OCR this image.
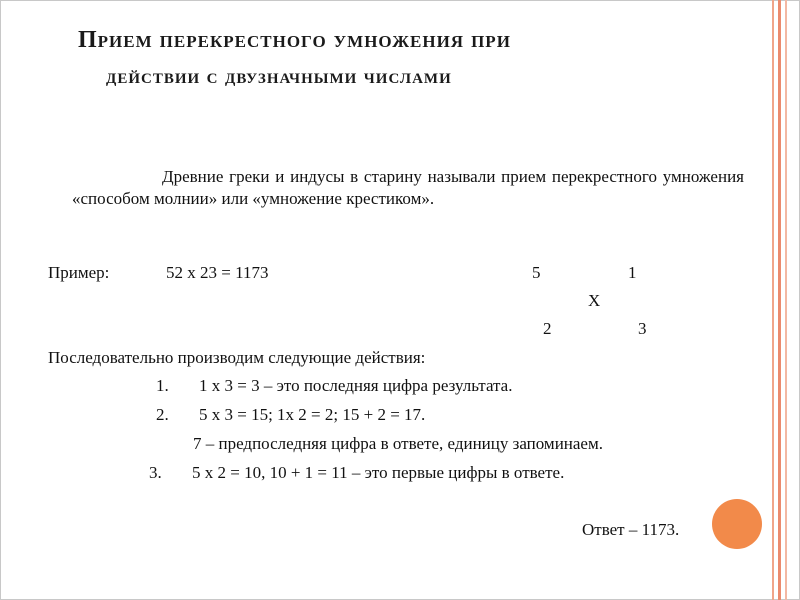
Прием перекрестного умножения при
действии с двузначными числами
Древние греки и индусы в старину называли прием перекрестного умножения «способом молнии» или «умножение крестиком».
Пример:	52 х 23 = 1173	5	1
Х
2	3
Последовательно производим следующие действия:
1. 1 х 3 = 3 – это последняя цифра результата.
2. 5 х 3 = 15; 1х 2 = 2; 15 + 2 = 17.
7 – предпоследняя цифра в ответе, единицу запоминаем.
3. 5 х 2 = 10, 10 + 1 = 11 – это первые цифры в ответе.
Ответ – 1173.
